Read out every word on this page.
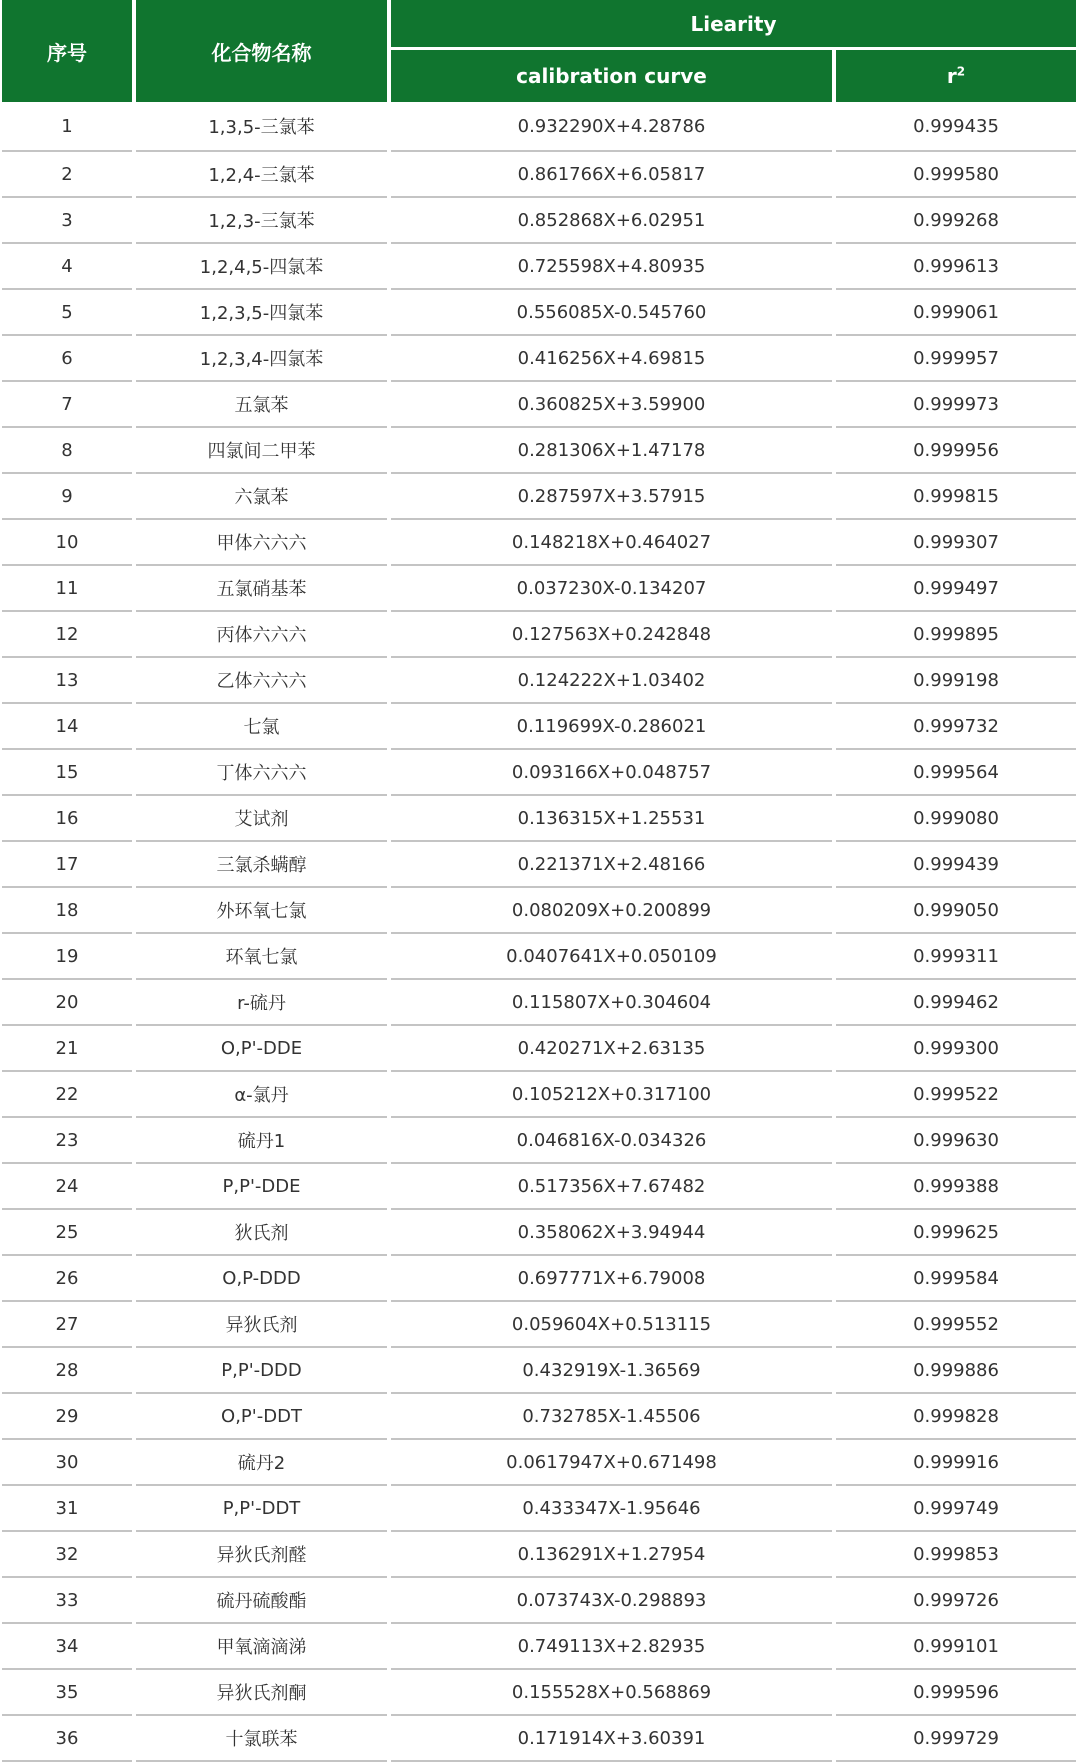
序号	化合物名称	Liearity	
		calibration curve	$r^2$
1	1,3,5-三氯苯	0.932290X+4.28786	0.999435
2	1,2,4-三氯苯	0.861766X+6.05817	0.999580
3	1,2,3-三氯苯	0.852868X+6.02951	0.999268
4	1,2,4,5-四氯苯	0.725598X+4.80935	0.999613
5	1,2,3,5-四氯苯	0.556085X-0.545760	0.999061
6	1,2,3,4-四氯苯	0.416256X+4.69815	0.999957
7	五氯苯	0.360825X+3.59900	0.999973
8	四氯间二甲苯	0.281306X+1.47178	0.999956
9	六氯苯	0.287597X+3.57915	0.999815
10	甲体六六六	0.148218X+0.464027	0.999307
11	五氯硝基苯	0.037230X-0.134207	0.999497
12	丙体六六六	0.127563X+0.242848	0.999895
13	乙体六六六	0.124222X+1.03402	0.999198
14	七氯	0.119699X-0.286021	0.999732
15	丁体六六六	0.093166X+0.048757	0.999564
16	艾试剂	0.136315X+1.25531	0.999080
17	三氯杀螨醇	0.221371X+2.48166	0.999439
18	外环氧七氯	0.080209X+0.200899	0.999050
19	环氧七氯	0.0407641X+0.050109	0.999311
20	r-硫丹	0.115807X+0.304604	0.999462
21	O,P'-DDE	0.420271X+2.63135	0.999300
22	α-氯丹	0.105212X+0.317100	0.999522
23	硫丹1	0.046816X-0.034326	0.999630
24	P,P'-DDE	0.517356X+7.67482	0.999388
25	狄氏剂	0.358062X+3.94944	0.999625
26	O,P-DDD	0.697771X+6.79008	0.999584
27	异狄氏剂	0.059604X+0.513115	0.999552
28	P,P'-DDD	0.432919X-1.36569	0.999886
29	O,P'-DDT	0.732785X-1.45506	0.999828
30	硫丹2	0.0617947X+0.671498	0.999916
31	P,P'-DDT	0.433347X-1.95646	0.999749
32	异狄氏剂醛	0.136291X+1.27954	0.999853
33	硫丹硫酸酯	0.073743X-0.298893	0.999726
34	甲氧滴滴涕	0.749113X+2.82935	0.999101
35	异狄氏剂酮	0.155528X+0.568869	0.999596
36	十氯联苯	0.171914X+3.60391	0.999729
